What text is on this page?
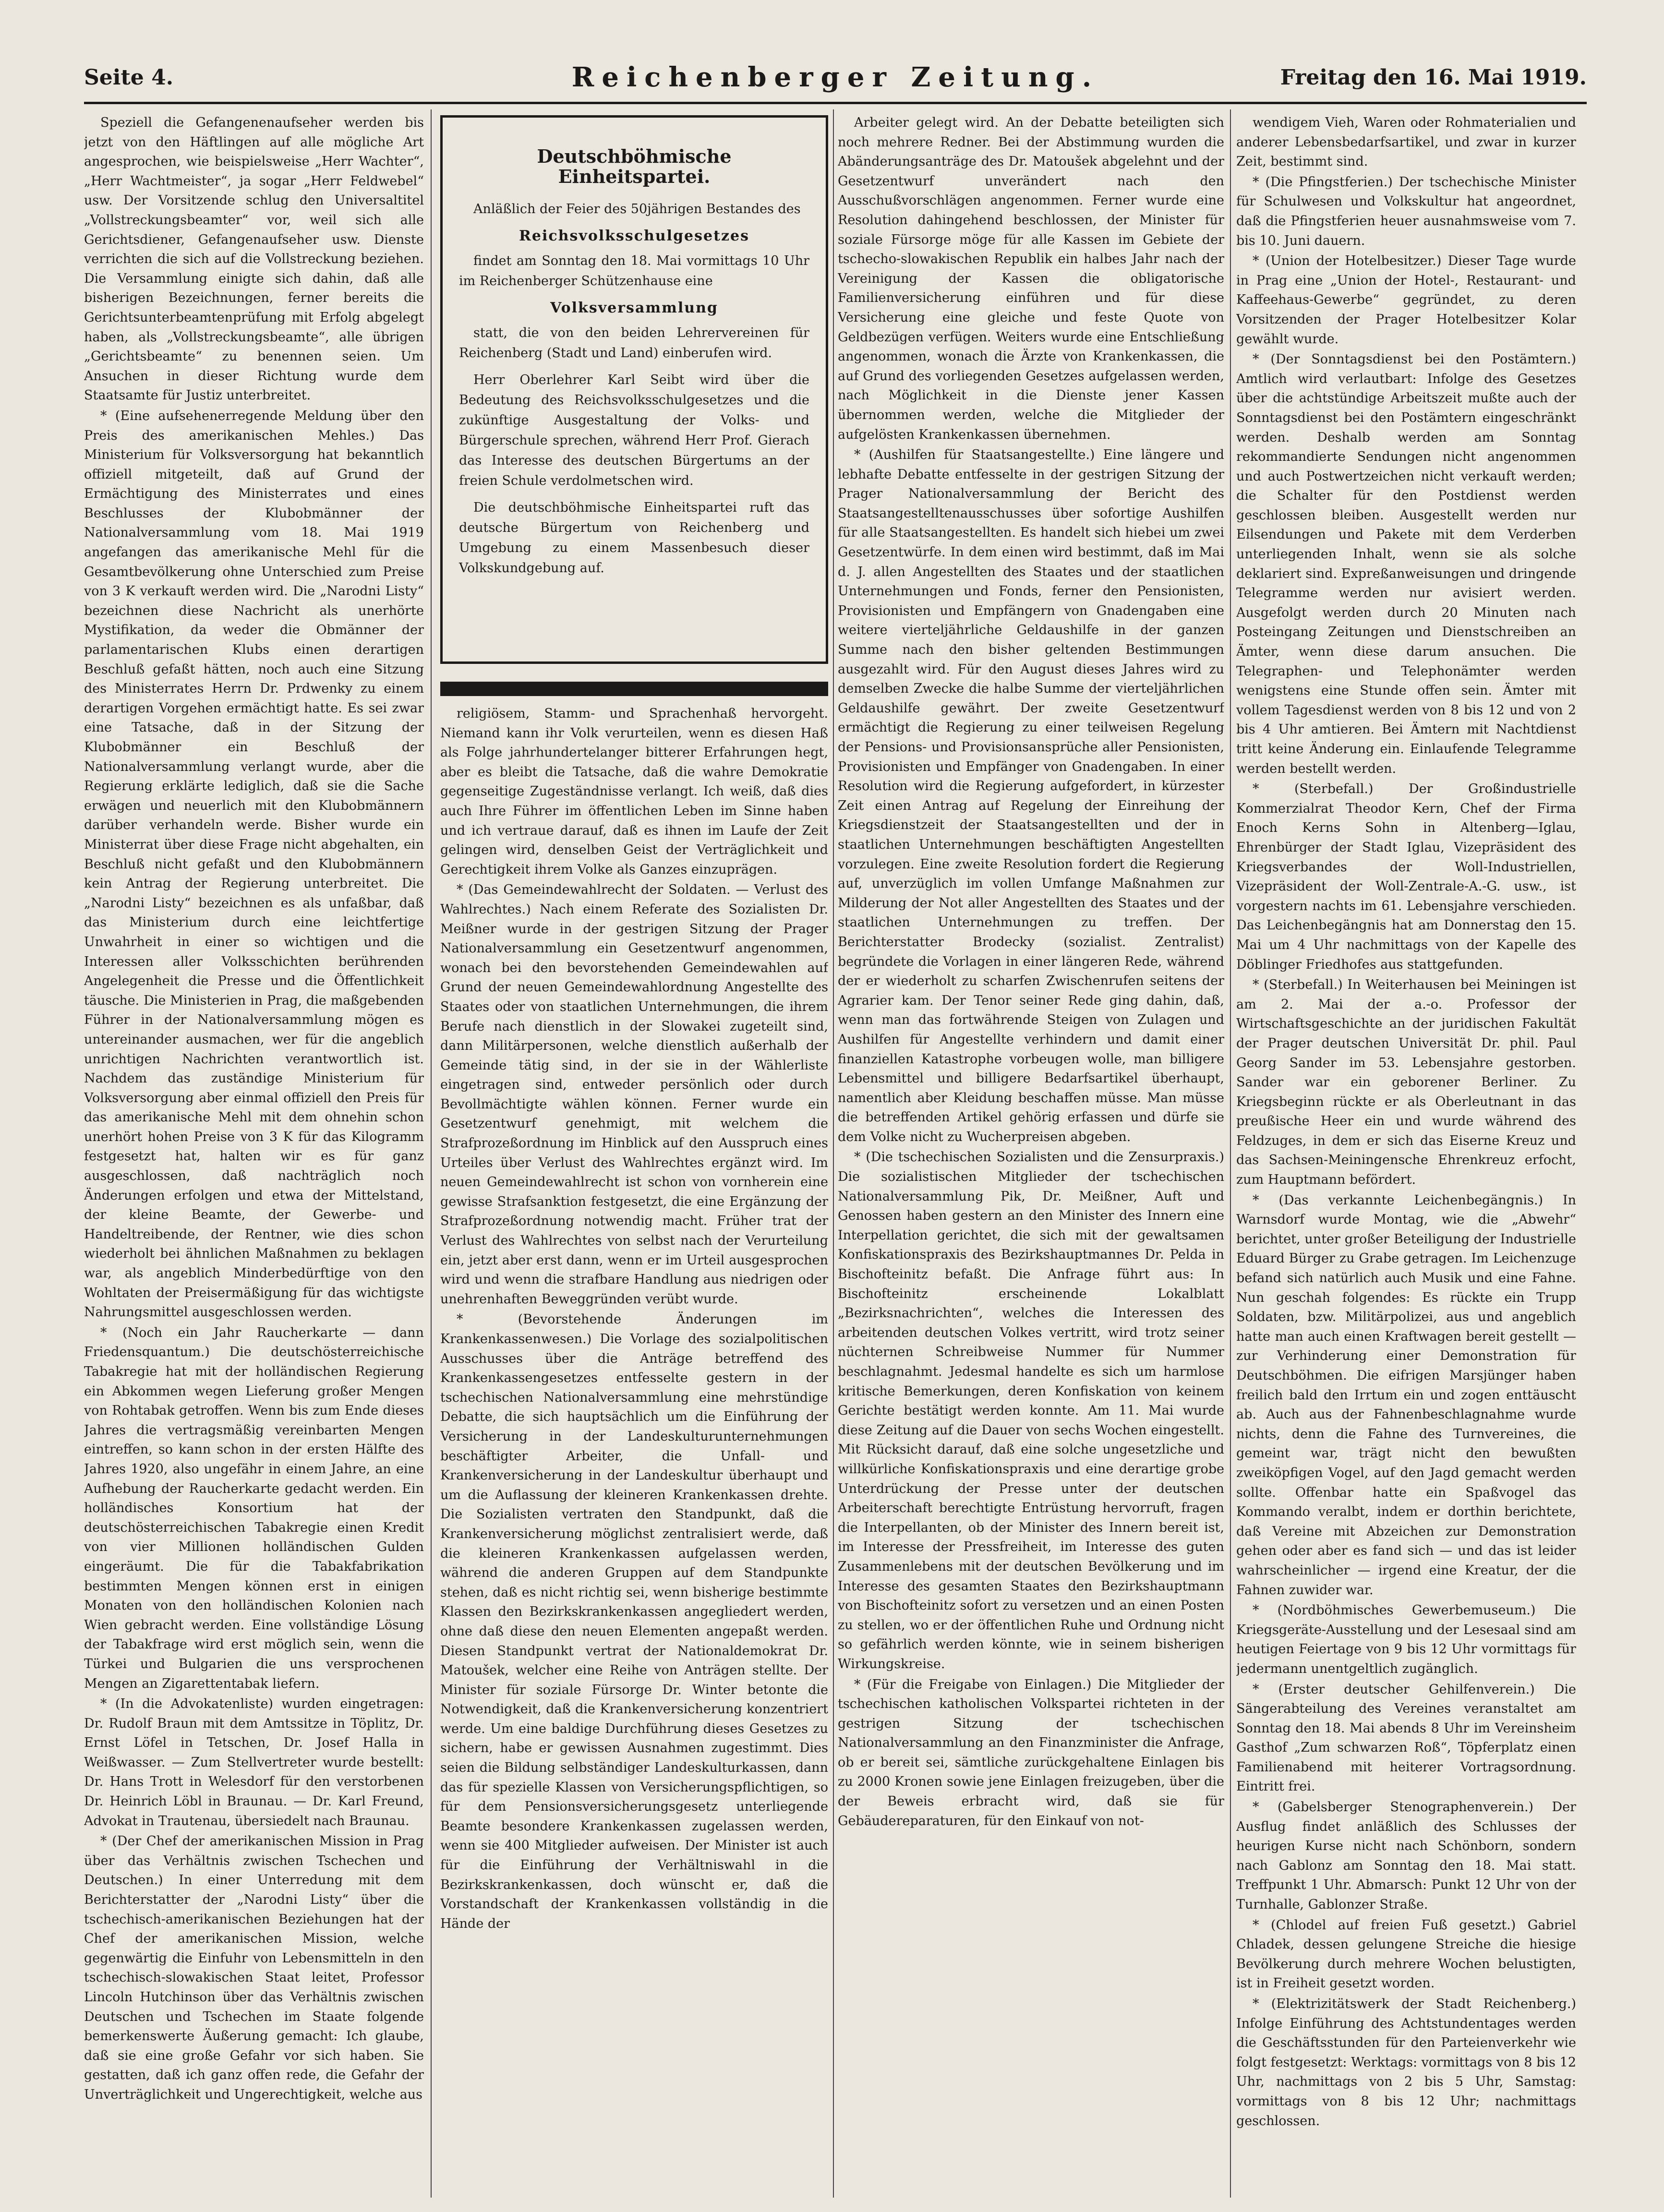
Seite 4.	Reichenberger Zeitung.	Freitag den 16. Mai 1919.

Speziell die Gefangenenaufseher werden bis jetzt von den Häftlingen auf alle mögliche Art angesprochen, wie beispielsweise „Herr Wachter“, „Herr Wachtmeister“, ja sogar „Herr Feldwebel“ usw. Der Vorsitzende schlug den Universaltitel „Vollstreckungsbeamter“ vor, weil sich alle Gerichtsdiener, Gefangenaufseher usw. Dienste verrichten die sich auf die Vollstreckung beziehen. Die Versammlung einigte sich dahin, daß alle bisherigen Bezeichnungen, ferner bereits die Gerichtsunterbeamtenprüfung mit Erfolg abgelegt haben, als „Vollstreckungsbeamte“, alle übrigen „Gerichtsbeamte“ zu benennen seien. Um Ansuchen in dieser Richtung wurde dem Staatsamte für Justiz unterbreitet.

* (Eine aufsehenerregende Meldung über den Preis des amerikanischen Mehles.) Das Ministerium für Volksversorgung hat bekanntlich offiziell mitgeteilt, daß auf Grund der Ermächtigung des Ministerrates und eines Beschlusses der Klubobmänner der Nationalversammlung vom 18. Mai 1919 angefangen das amerikanische Mehl für die Gesamtbevölkerung ohne Unterschied zum Preise von 3 K verkauft werden wird. Die „Narodni Listy“ bezeichnen diese Nachricht als unerhörte Mystifikation, da weder die Obmänner der parlamentarischen Klubs einen derartigen Beschluß gefaßt hätten, noch auch eine Sitzung des Ministerrates Herrn Dr. Prdwenky zu einem derartigen Vorgehen ermächtigt hatte. Es sei zwar eine Tatsache, daß in der Sitzung der Klubobmänner ein Beschluß der Nationalversammlung verlangt wurde, aber die Regierung erklärte lediglich, daß sie die Sache erwägen und neuerlich mit den Klubobmännern darüber verhandeln werde. Bisher wurde ein Ministerrat über diese Frage nicht abgehalten, ein Beschluß nicht gefaßt und den Klubobmännern kein Antrag der Regierung unterbreitet. Die „Narodni Listy“ bezeichnen es als unfaßbar, daß das Ministerium durch eine leichtfertige Unwahrheit in einer so wichtigen und die Interessen aller Volksschichten berührenden Angelegenheit die Presse und die Öffentlichkeit täusche. Die Ministerien in Prag, die maßgebenden Führer in der Nationalversammlung mögen es untereinander ausmachen, wer für die angeblich unrichtigen Nachrichten verantwortlich ist. Nachdem das zuständige Ministerium für Volksversorgung aber einmal offiziell den Preis für das amerikanische Mehl mit dem ohnehin schon unerhört hohen Preise von 3 K für das Kilogramm festgesetzt hat, halten wir es für ganz ausgeschlossen, daß nachträglich noch Änderungen erfolgen und etwa der Mittelstand, der kleine Beamte, der Gewerbe- und Handeltreibende, der Rentner, wie dies schon wiederholt bei ähnlichen Maßnahmen zu beklagen war, als angeblich Minderbedürftige von den Wohltaten der Preisermäßigung für das wichtigste Nahrungsmittel ausgeschlossen werden.

* (Noch ein Jahr Raucherkarte — dann Friedensquantum.) Die deutschösterreichische Tabakregie hat mit der holländischen Regierung ein Abkommen wegen Lieferung großer Mengen von Rohtabak getroffen. Wenn bis zum Ende dieses Jahres die vertragsmäßig vereinbarten Mengen eintreffen, so kann schon in der ersten Hälfte des Jahres 1920, also ungefähr in einem Jahre, an eine Aufhebung der Raucherkarte gedacht werden. Ein holländisches Konsortium hat der deutschösterreichischen Tabakregie einen Kredit von vier Millionen holländischen Gulden eingeräumt. Die für die Tabakfabrikation bestimmten Mengen können erst in einigen Monaten von den holländischen Kolonien nach Wien gebracht werden. Eine vollständige Lösung der Tabakfrage wird erst möglich sein, wenn die Türkei und Bulgarien die uns versprochenen Mengen an Zigarettentabak liefern.

* (In die Advokatenliste) wurden eingetragen: Dr. Rudolf Braun mit dem Amtssitze in Töplitz, Dr. Ernst Löfel in Tetschen, Dr. Josef Halla in Weißwasser. — Zum Stellvertreter wurde bestellt: Dr. Hans Trott in Welesdorf für den verstorbenen Dr. Heinrich Löbl in Braunau. — Dr. Karl Freund, Advokat in Trautenau, übersiedelt nach Braunau.

* (Der Chef der amerikanischen Mission in Prag über das Verhältnis zwischen Tschechen und Deutschen.) In einer Unterredung mit dem Berichterstatter der „Narodni Listy“ über die tschechisch-amerikanischen Beziehungen hat der Chef der amerikanischen Mission, welche gegenwärtig die Einfuhr von Lebensmitteln in den tschechisch-slowakischen Staat leitet, Professor Lincoln Hutchinson über das Verhältnis zwischen Deutschen und Tschechen im Staate folgende bemerkenswerte Äußerung gemacht: Ich glaube, daß sie eine große Gefahr vor sich haben. Sie gestatten, daß ich ganz offen rede, die Gefahr der Unverträglichkeit und Ungerechtigkeit, welche aus

Deutschböhmische Einheitspartei.

Anläßlich der Feier des 50jährigen Bestandes des

Reichsvolksschulgesetzes

findet am Sonntag den 18. Mai vormittags 10 Uhr im Reichenberger Schützenhause eine

Volksversammlung

statt, die von den beiden Lehrervereinen für Reichenberg (Stadt und Land) einberufen wird.

Herr Oberlehrer Karl Seibt wird über die Bedeutung des Reichsvolksschulgesetzes und die zukünftige Ausgestaltung der Volks- und Bürgerschule sprechen, während Herr Prof. Gierach das Interesse des deutschen Bürgertums an der freien Schule verdolmetschen wird.

Die deutschböhmische Einheitspartei ruft das deutsche Bürgertum von Reichenberg und Umgebung zu einem Massenbesuch dieser Volkskundgebung auf.

religiösem, Stamm- und Sprachenhaß hervorgeht. Niemand kann ihr Volk verurteilen, wenn es diesen Haß als Folge jahrhundertelanger bitterer Erfahrungen hegt, aber es bleibt die Tatsache, daß die wahre Demokratie gegenseitige Zugeständnisse verlangt. Ich weiß, daß dies auch Ihre Führer im öffentlichen Leben im Sinne haben und ich vertraue darauf, daß es ihnen im Laufe der Zeit gelingen wird, denselben Geist der Verträglichkeit und Gerechtigkeit ihrem Volke als Ganzes einzuprägen.

* (Das Gemeindewahlrecht der Soldaten. — Verlust des Wahlrechtes.) Nach einem Referate des Sozialisten Dr. Meißner wurde in der gestrigen Sitzung der Prager Nationalversammlung ein Gesetzentwurf angenommen, wonach bei den bevorstehenden Gemeindewahlen auf Grund der neuen Gemeindewahlordnung Angestellte des Staates oder von staatlichen Unternehmungen, die ihrem Berufe nach dienstlich in der Slowakei zugeteilt sind, dann Militärpersonen, welche dienstlich außerhalb der Gemeinde tätig sind, in der sie in der Wählerliste eingetragen sind, entweder persönlich oder durch Bevollmächtigte wählen können. Ferner wurde ein Gesetzentwurf genehmigt, mit welchem die Strafprozeßordnung im Hinblick auf den Ausspruch eines Urteiles über Verlust des Wahlrechtes ergänzt wird. Im neuen Gemeindewahlrecht ist schon von vornherein eine gewisse Strafsanktion festgesetzt, die eine Ergänzung der Strafprozeßordnung notwendig macht. Früher trat der Verlust des Wahlrechtes von selbst nach der Verurteilung ein, jetzt aber erst dann, wenn er im Urteil ausgesprochen wird und wenn die strafbare Handlung aus niedrigen oder unehrenhaften Beweggründen verübt wurde.

* (Bevorstehende Änderungen im Krankenkassenwesen.) Die Vorlage des sozialpolitischen Ausschusses über die Anträge betreffend des Krankenkassengesetzes entfesselte gestern in der tschechischen Nationalversammlung eine mehrstündige Debatte, die sich hauptsächlich um die Einführung der Versicherung in der Landeskulturunternehmungen beschäftigter Arbeiter, die Unfall- und Krankenversicherung in der Landeskultur überhaupt und um die Auflassung der kleineren Krankenkassen drehte. Die Sozialisten vertraten den Standpunkt, daß die Krankenversicherung möglichst zentralisiert werde, daß die kleineren Krankenkassen aufgelassen werden, während die anderen Gruppen auf dem Standpunkte stehen, daß es nicht richtig sei, wenn bisherige bestimmte Klassen den Bezirkskrankenkassen angegliedert werden, ohne daß diese den neuen Elementen angepaßt werden. Diesen Standpunkt vertrat der Nationaldemokrat Dr. Matoušek, welcher eine Reihe von Anträgen stellte. Der Minister für soziale Fürsorge Dr. Winter betonte die Notwendigkeit, daß die Krankenversicherung konzentriert werde. Um eine baldige Durchführung dieses Gesetzes zu sichern, habe er gewissen Ausnahmen zugestimmt. Dies seien die Bildung selbständiger Landeskulturkassen, dann das für spezielle Klassen von Versicherungspflichtigen, so für dem Pensionsversicherungsgesetz unterliegende Beamte besondere Krankenkassen zugelassen werden, wenn sie 400 Mitglieder aufweisen. Der Minister ist auch für die Einführung der Verhältniswahl in die Bezirkskrankenkassen, doch wünscht er, daß die Vorstandschaft der Krankenkassen vollständig in die Hände der

Arbeiter gelegt wird. An der Debatte beteiligten sich noch mehrere Redner. Bei der Abstimmung wurden die Abänderungsanträge des Dr. Matoušek abgelehnt und der Gesetzentwurf unverändert nach den Ausschußvorschlägen angenommen. Ferner wurde eine Resolution dahingehend beschlossen, der Minister für soziale Fürsorge möge für alle Kassen im Gebiete der tschecho-slowakischen Republik ein halbes Jahr nach der Vereinigung der Kassen die obligatorische Familienversicherung einführen und für diese Versicherung eine gleiche und feste Quote von Geldbezügen verfügen. Weiters wurde eine Entschließung angenommen, wonach die Ärzte von Krankenkassen, die auf Grund des vorliegenden Gesetzes aufgelassen werden, nach Möglichkeit in die Dienste jener Kassen übernommen werden, welche die Mitglieder der aufgelösten Krankenkassen übernehmen.

* (Aushilfen für Staatsangestellte.) Eine längere und lebhafte Debatte entfesselte in der gestrigen Sitzung der Prager Nationalversammlung der Bericht des Staatsangestelltenausschusses über sofortige Aushilfen für alle Staatsangestellten. Es handelt sich hiebei um zwei Gesetzentwürfe. In dem einen wird bestimmt, daß im Mai d. J. allen Angestellten des Staates und der staatlichen Unternehmungen und Fonds, ferner den Pensionisten, Provisionisten und Empfängern von Gnadengaben eine weitere vierteljährliche Geldaushilfe in der ganzen Summe nach den bisher geltenden Bestimmungen ausgezahlt wird. Für den August dieses Jahres wird zu demselben Zwecke die halbe Summe der vierteljährlichen Geldaushilfe gewährt. Der zweite Gesetzentwurf ermächtigt die Regierung zu einer teilweisen Regelung der Pensions- und Provisionsansprüche aller Pensionisten, Provisionisten und Empfänger von Gnadengaben. In einer Resolution wird die Regierung aufgefordert, in kürzester Zeit einen Antrag auf Regelung der Einreihung der Kriegsdienstzeit der Staatsangestellten und der in staatlichen Unternehmungen beschäftigten Angestellten vorzulegen. Eine zweite Resolution fordert die Regierung auf, unverzüglich im vollen Umfange Maßnahmen zur Milderung der Not aller Angestellten des Staates und der staatlichen Unternehmungen zu treffen. Der Berichterstatter Brodecky (sozialist. Zentralist) begründete die Vorlagen in einer längeren Rede, während der er wiederholt zu scharfen Zwischenrufen seitens der Agrarier kam. Der Tenor seiner Rede ging dahin, daß, wenn man das fortwährende Steigen von Zulagen und Aushilfen für Angestellte verhindern und damit einer finanziellen Katastrophe vorbeugen wolle, man billigere Lebensmittel und billigere Bedarfsartikel überhaupt, namentlich aber Kleidung beschaffen müsse. Man müsse die betreffenden Artikel gehörig erfassen und dürfe sie dem Volke nicht zu Wucherpreisen abgeben.

* (Die tschechischen Sozialisten und die Zensurpraxis.) Die sozialistischen Mitglieder der tschechischen Nationalversammlung Pik, Dr. Meißner, Auft und Genossen haben gestern an den Minister des Innern eine Interpellation gerichtet, die sich mit der gewaltsamen Konfiskationspraxis des Bezirkshauptmannes Dr. Pelda in Bischofteinitz befaßt. Die Anfrage führt aus: In Bischofteinitz erscheinende Lokalblatt „Bezirksnachrichten“, welches die Interessen des arbeitenden deutschen Volkes vertritt, wird trotz seiner nüchternen Schreibweise Nummer für Nummer beschlagnahmt. Jedesmal handelte es sich um harmlose kritische Bemerkungen, deren Konfiskation von keinem Gerichte bestätigt werden konnte. Am 11. Mai wurde diese Zeitung auf die Dauer von sechs Wochen eingestellt. Mit Rücksicht darauf, daß eine solche ungesetzliche und willkürliche Konfiskationspraxis und eine derartige grobe Unterdrückung der Presse unter der deutschen Arbeiterschaft berechtigte Entrüstung hervorruft, fragen die Interpellanten, ob der Minister des Innern bereit ist, im Interesse der Pressfreiheit, im Interesse des guten Zusammenlebens mit der deutschen Bevölkerung und im Interesse des gesamten Staates den Bezirkshauptmann von Bischofteinitz sofort zu versetzen und an einen Posten zu stellen, wo er der öffentlichen Ruhe und Ordnung nicht so gefährlich werden könnte, wie in seinem bisherigen Wirkungskreise.

* (Für die Freigabe von Einlagen.) Die Mitglieder der tschechischen katholischen Volkspartei richteten in der gestrigen Sitzung der tschechischen Nationalversammlung an den Finanzminister die Anfrage, ob er bereit sei, sämtliche zurückgehaltene Einlagen bis zu 2000 Kronen sowie jene Einlagen freizugeben, über die der Beweis erbracht wird, daß sie für Gebäudereparaturen, für den Einkauf von not-

wendigem Vieh, Waren oder Rohmaterialien und anderer Lebensbedarfsartikel, und zwar in kurzer Zeit, bestimmt sind.

* (Die Pfingstferien.) Der tschechische Minister für Schulwesen und Volkskultur hat angeordnet, daß die Pfingstferien heuer ausnahmsweise vom 7. bis 10. Juni dauern.

* (Union der Hotelbesitzer.) Dieser Tage wurde in Prag eine „Union der Hotel-, Restaurant- und Kaffeehaus-Gewerbe“ gegründet, zu deren Vorsitzenden der Prager Hotelbesitzer Kolar gewählt wurde.

* (Der Sonntagsdienst bei den Postämtern.) Amtlich wird verlautbart: Infolge des Gesetzes über die achtstündige Arbeitszeit mußte auch der Sonntagsdienst bei den Postämtern eingeschränkt werden. Deshalb werden am Sonntag rekommandierte Sendungen nicht angenommen und auch Postwertzeichen nicht verkauft werden; die Schalter für den Postdienst werden geschlossen bleiben. Ausgestellt werden nur Eilsendungen und Pakete mit dem Verderben unterliegenden Inhalt, wenn sie als solche deklariert sind. Expreßanweisungen und dringende Telegramme werden nur avisiert werden. Ausgefolgt werden durch 20 Minuten nach Posteingang Zeitungen und Dienstschreiben an Ämter, wenn diese darum ansuchen. Die Telegraphen- und Telephonämter werden wenigstens eine Stunde offen sein. Ämter mit vollem Tagesdienst werden von 8 bis 12 und von 2 bis 4 Uhr amtieren. Bei Ämtern mit Nachtdienst tritt keine Änderung ein. Einlaufende Telegramme werden bestellt werden.

* (Sterbefall.) Der Großindustrielle Kommerzialrat Theodor Kern, Chef der Firma Enoch Kerns Sohn in Altenberg—Iglau, Ehrenbürger der Stadt Iglau, Vizepräsident des Kriegsverbandes der Woll-Industriellen, Vizepräsident der Woll-Zentrale-A.-G. usw., ist vorgestern nachts im 61. Lebensjahre verschieden. Das Leichenbegängnis hat am Donnerstag den 15. Mai um 4 Uhr nachmittags von der Kapelle des Döblinger Friedhofes aus stattgefunden.

* (Sterbefall.) In Weiterhausen bei Meiningen ist am 2. Mai der a.-o. Professor der Wirtschaftsgeschichte an der juridischen Fakultät der Prager deutschen Universität Dr. phil. Paul Georg Sander im 53. Lebensjahre gestorben. Sander war ein geborener Berliner. Zu Kriegsbeginn rückte er als Oberleutnant in das preußische Heer ein und wurde während des Feldzuges, in dem er sich das Eiserne Kreuz und das Sachsen-Meiningensche Ehrenkreuz erfocht, zum Hauptmann befördert.

* (Das verkannte Leichenbegängnis.) In Warnsdorf wurde Montag, wie die „Abwehr“ berichtet, unter großer Beteiligung der Industrielle Eduard Bürger zu Grabe getragen. Im Leichenzuge befand sich natürlich auch Musik und eine Fahne. Nun geschah folgendes: Es rückte ein Trupp Soldaten, bzw. Militärpolizei, aus und angeblich hatte man auch einen Kraftwagen bereit gestellt — zur Verhinderung einer Demonstration für Deutschböhmen. Die eifrigen Marsjünger haben freilich bald den Irrtum ein und zogen enttäuscht ab. Auch aus der Fahnenbeschlagnahme wurde nichts, denn die Fahne des Turnvereines, die gemeint war, trägt nicht den bewußten zweiköpfigen Vogel, auf den Jagd gemacht werden sollte. Offenbar hatte ein Spaßvogel das Kommando veralbt, indem er dorthin berichtete, daß Vereine mit Abzeichen zur Demonstration gehen oder aber es fand sich — und das ist leider wahrscheinlicher — irgend eine Kreatur, der die Fahnen zuwider war.

* (Nordböhmisches Gewerbemuseum.) Die Kriegsgeräte-Ausstellung und der Lesesaal sind am heutigen Feiertage von 9 bis 12 Uhr vormittags für jedermann unentgeltlich zugänglich.

* (Erster deutscher Gehilfenverein.) Die Sängerabteilung des Vereines veranstaltet am Sonntag den 18. Mai abends 8 Uhr im Vereinsheim Gasthof „Zum schwarzen Roß“, Töpferplatz einen Familienabend mit heiterer Vortragsordnung. Eintritt frei.

* (Gabelsberger Stenographenverein.) Der Ausflug findet anläßlich des Schlusses der heurigen Kurse nicht nach Schönborn, sondern nach Gablonz am Sonntag den 18. Mai statt. Treffpunkt 1 Uhr. Abmarsch: Punkt 12 Uhr von der Turnhalle, Gablonzer Straße.

* (Chlodel auf freien Fuß gesetzt.) Gabriel Chladek, dessen gelungene Streiche die hiesige Bevölkerung durch mehrere Wochen belustigten, ist in Freiheit gesetzt worden.

* (Elektrizitätswerk der Stadt Reichenberg.) Infolge Einführung des Achtstundentages werden die Geschäftsstunden für den Parteienverkehr wie folgt festgesetzt: Werktags: vormittags von 8 bis 12 Uhr, nachmittags von 2 bis 5 Uhr, Samstag: vormittags von 8 bis 12 Uhr; nachmittags geschlossen.
